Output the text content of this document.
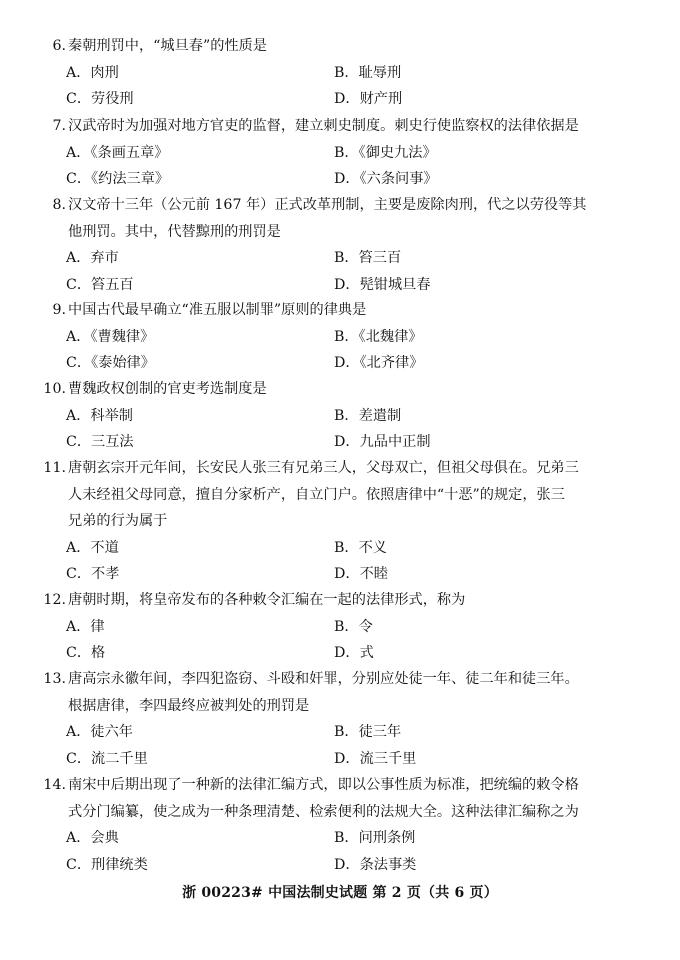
6. 秦朝刑罚中，“城旦春”的性质是
A．肉刑	B．耻辱刑
C．劳役刑	D．财产刑
7. 汉武帝时为加强对地方官吏的监督，建立刺史制度。刺史行使监察权的法律依据是
A．《条画五章》	B．《御史九法》
C．《约法三章》	D．《六条问事》
8. 汉文帝十三年（公元前 167 年）正式改革刑制，主要是废除肉刑，代之以劳役等其
他刑罚。其中，代替黥刑的刑罚是
A．弃市	B．笞三百
C．笞五百	D．髡钳城旦春
9. 中国古代最早确立“准五服以制罪”原则的律典是
A．《曹魏律》	B．《北魏律》
C．《泰始律》	D．《北齐律》
10. 曹魏政权创制的官吏考选制度是
A．科举制	B．差遣制
C．三互法	D．九品中正制
11. 唐朝玄宗开元年间，长安民人张三有兄弟三人，父母双亡，但祖父母俱在。兄弟三
人未经祖父母同意，擅自分家析产，自立门户。依照唐律中“十恶”的规定，张三
兄弟的行为属于
A．不道	B．不义
C．不孝	D．不睦
12. 唐朝时期，将皇帝发布的各种敕令汇编在一起的法律形式，称为
A．律	B．令
C．格	D．式
13. 唐高宗永徽年间，李四犯盗窃、斗殴和奸罪，分别应处徒一年、徒二年和徒三年。
根据唐律，李四最终应被判处的刑罚是
A．徒六年	B．徒三年
C．流二千里	D．流三千里
14. 南宋中后期出现了一种新的法律汇编方式，即以公事性质为标准，把统编的敕令格
式分门编纂，使之成为一种条理清楚、检索便利的法规大全。这种法律汇编称之为
A．会典	B．问刑条例
C．刑律统类	D．条法事类
浙 00223# 中国法制史试题 第 2 页（共 6 页）
